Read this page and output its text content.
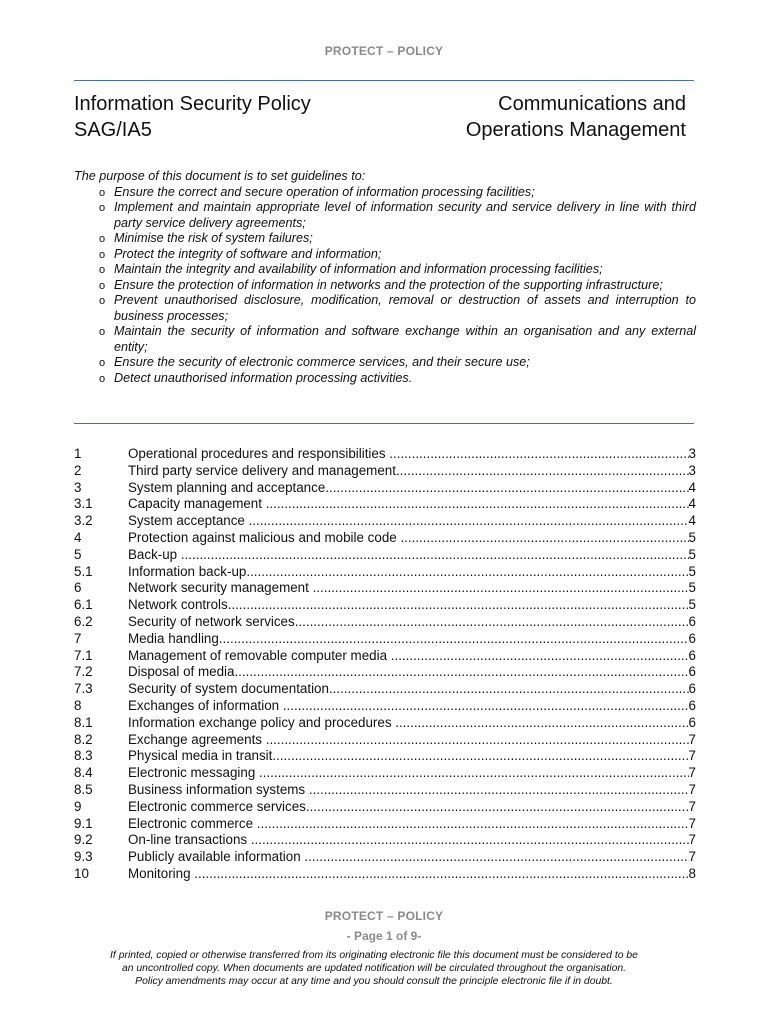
PROTECT – POLICY
Information Security Policy
SAG/IA5
Communications and
Operations Management
The purpose of this document is to set guidelines to:
o Ensure the correct and secure operation of information processing facilities;
o Implement and maintain appropriate level of information security and service delivery in line with third party service delivery agreements;
o Minimise the risk of system failures;
o Protect the integrity of software and information;
o Maintain the integrity and availability of information and information processing facilities;
o Ensure the protection of information in networks and the protection of the supporting infrastructure;
o Prevent unauthorised disclosure, modification, removal or destruction of assets and interruption to business processes;
o Maintain the security of information and software exchange within an organisation and any external entity;
o Ensure the security of electronic commerce services, and their secure use;
o Detect unauthorised information processing activities.
1	Operational procedures and responsibilities .....	3
2	Third party service delivery and management .....	3
3	System planning and acceptance .....	4
3.1	Capacity management .....	4
3.2	System acceptance .....	4
4	Protection against malicious and mobile code .....	5
5	Back-up .....	5
5.1	Information back-up .....	5
6	Network security management .....	5
6.1	Network controls .....	5
6.2	Security of network services .....	6
7	Media handling .....	6
7.1	Management of removable computer media .....	6
7.2	Disposal of media .....	6
7.3	Security of system documentation .....	6
8	Exchanges of information .....	6
8.1	Information exchange policy and procedures .....	6
8.2	Exchange agreements .....	7
8.3	Physical media in transit .....	7
8.4	Electronic messaging .....	7
8.5	Business information systems .....	7
9	Electronic commerce services .....	7
9.1	Electronic commerce .....	7
9.2	On-line transactions .....	7
9.3	Publicly available information .....	7
10	Monitoring .....	8
PROTECT – POLICY
- Page 1 of 9-
If printed, copied or otherwise transferred from its originating electronic file this document must be considered to be
an uncontrolled copy. When documents are updated notification will be circulated throughout the organisation.
Policy amendments may occur at any time and you should consult the principle electronic file if in doubt.
